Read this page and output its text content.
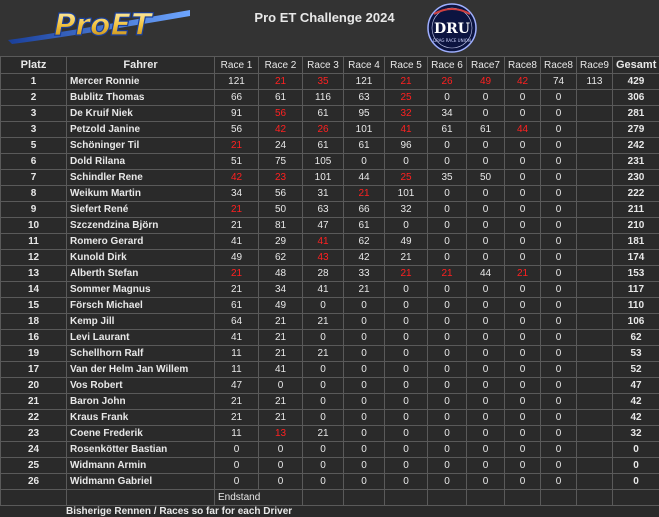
ProET	Pro ET Challenge 2024
DRU
DRAG RACE UNION
Platz	Fahrer	Race 1	Race 2	Race 3	Race 4	Race 5	Race 6	Race7	Race8	Race8	Race9	Gesamt
1	Mercer Ronnie	121	21	35	121	21	26	49	42	74	113	429
2	Bublitz Thomas	66	61	116	63	25	0	0	0	0		306
3	De Kruif Niek	91	56	61	95	32	34	0	0	0		281
3	Petzold Janine	56	42	26	101	41	61	61	44	0		279
5	Schöninger Til	21	24	61	61	96	0	0	0	0		242
6	Dold Rilana	51	75	105	0	0	0	0	0	0		231
7	Schindler Rene	42	23	101	44	25	35	50	0	0		230
8	Weikum Martin	34	56	31	21	101	0	0	0	0		222
9	Siefert René	21	50	63	66	32	0	0	0	0		211
10	Szczendzina Björn	21	81	47	61	0	0	0	0	0		210
11	Romero Gerard	41	29	41	62	49	0	0	0	0		181
12	Kunold Dirk	49	62	43	42	21	0	0	0	0		174
13	Alberth Stefan	21	48	28	33	21	21	44	21	0		153
14	Sommer Magnus	21	34	41	21	0	0	0	0	0		117
15	Försch Michael	61	49	0	0	0	0	0	0	0		110
18	Kemp Jill	64	21	21	0	0	0	0	0	0		106
16	Levi Laurant	41	21	0	0	0	0	0	0	0		62
19	Schellhorn Ralf	11	21	21	0	0	0	0	0	0		53
17	Van der Helm Jan Willem	11	41	0	0	0	0	0	0	0		52
20	Vos Robert	47	0	0	0	0	0	0	0	0		47
21	Baron John	21	21	0	0	0	0	0	0	0		42
22	Kraus Frank	21	21	0	0	0	0	0	0	0		42
23	Coene Frederik	11	13	21	0	0	0	0	0	0		32
24	Rosenkötter Bastian	0	0	0	0	0	0	0	0	0		0
25	Widmann Armin	0	0	0	0	0	0	0	0	0		0
26	Widmann Gabriel	0	0	0	0	0	0	0	0	0		0
		Endstand										
Bisherige Rennen / Races so far for each Driver
